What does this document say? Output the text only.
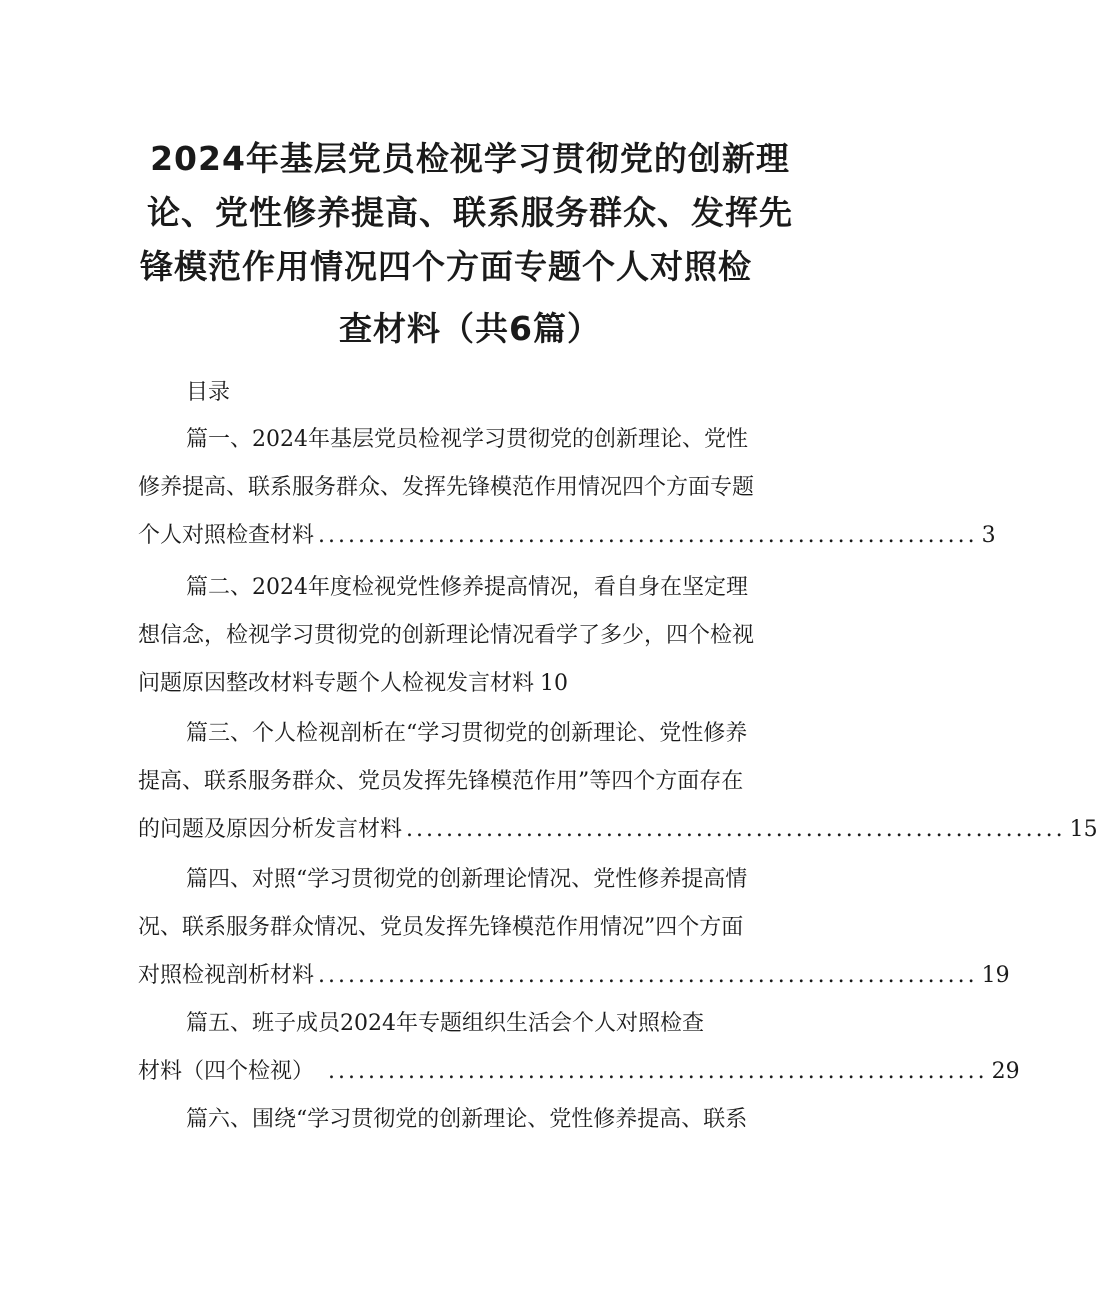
2024年基层党员检视学习贯彻党的创新理
论、党性修养提高、联系服务群众、发挥先
锋模范作用情况四个方面专题个人对照检
查材料（共6篇）
目录
篇一、2024年基层党员检视学习贯彻党的创新理论、党性
修养提高、联系服务群众、发挥先锋模范作用情况四个方面专题
个人对照检查材料 .................................................................. 3
篇二、2024年度检视党性修养提高情况，看自身在坚定理
想信念，检视学习贯彻党的创新理论情况看学了多少，四个检视
问题原因整改材料专题个人检视发言材料 10
篇三、个人检视剖析在“学习贯彻党的创新理论、党性修养
提高、联系服务群众、党员发挥先锋模范作用”等四个方面存在
的问题及原因分析发言材料 .................................................................. 15
篇四、对照“学习贯彻党的创新理论情况、党性修养提高情
况、联系服务群众情况、党员发挥先锋模范作用情况”四个方面
对照检视剖析材料 .................................................................. 19
篇五、班子成员2024年专题组织生活会个人对照检查
材料（四个检视） .................................................................. 29
篇六、围绕“学习贯彻党的创新理论、党性修养提高、联系
